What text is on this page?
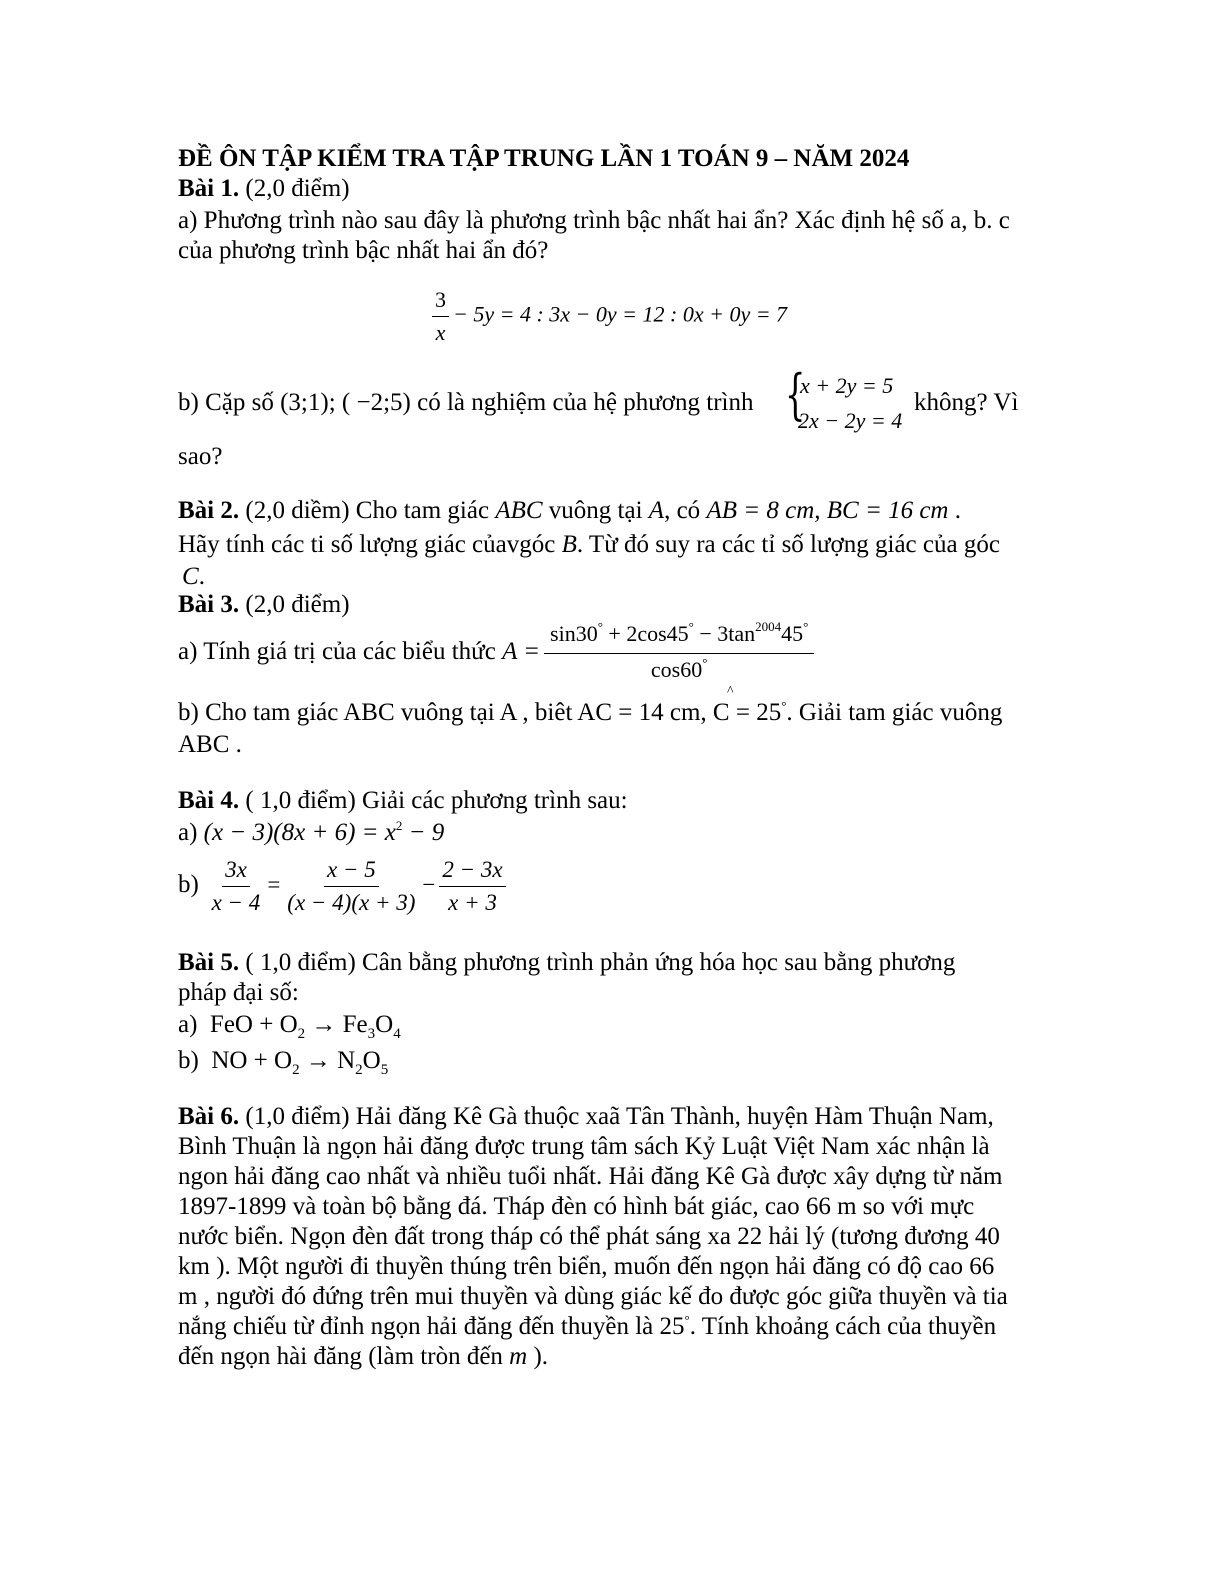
ĐỀ ÔN TẬP KIỂM TRA TẬP TRUNG LẦN 1 TOÁN 9 – NĂM 2024
Bài 1. (2,0 điểm)
a) Phương trình nào sau đây là phương trình bậc nhất hai ẩn? Xác định hệ số a, b. c
của phương trình bậc nhất hai ẩn đó?
$\frac{3}{x} - 5y = 4$ : 3x − 0y = 12 : 0x + 0y = 7
b) Cặp số (3;1); ( −2;5) có là nghiệm của hệ phương trình {
x + 2y = 5
2x − 2y = 4
không? Vì
sao?
Bài 2. (2,0 diềm) Cho tam giác ABC vuông tại A, có AB = 8 cm, BC = 16 cm .
Hãy tính các ti số lượng giác củavgóc B. Từ đó suy ra các tỉ số lượng giác của góc
C.
Bài 3. (2,0 điểm)
a) Tính giá trị của các biểu thức $A = \frac{\sin 30^\circ + 2\cos 45^\circ - 3\tan^{2004}45^\circ}{\cos 60^\circ}$
^
b) Cho tam giác ABC vuông tại A , biêt AC = 14 cm, C = 25°. Giải tam giác vuông
ABC .
Bài 4. ( 1,0 điểm) Giải các phương trình sau:
a) $(x - 3)(8x + 6) = x^2 - 9$
$b) \frac{3x}{x - 4} = \frac{x - 5}{(x - 4)(x + 3)} - \frac{2 - 3x}{x + 3}$
Bài 5. ( 1,0 điểm) Cân bằng phương trình phản ứng hóa học sau bằng phương
pháp đại số:
a)  FeO + $O_2 \to Fe_3O_4$
b)  NO + $O_2 \to N_2O_5$
Bài 6. (1,0 điểm) Hải đăng Kê Gà thuộc xaã Tân Thành, huyện Hàm Thuận Nam,
Bình Thuận là ngọn hải đăng được trung tâm sách Kỷ Luật Việt Nam xác nhận là
ngon hải đăng cao nhất và nhiều tuổi nhất. Hải đăng Kê Gà được xây dựng từ năm
1897-1899 và toàn bộ bằng đá. Tháp đèn có hình bát giác, cao 66 m so với mực
nước biển. Ngọn đèn đất trong tháp có thể phát sáng xa 22 hải lý (tương đương 40
km ). Một người đi thuyền thúng trên biển, muốn đến ngọn hải đăng có độ cao 66
m , người đó đứng trên mui thuyền và dùng giác kế đo được góc giữa thuyền và tia
nắng chiếu từ đỉnh ngọn hải đăng đến thuyền là 25°. Tính khoảng cách của thuyền
đến ngọn hài đăng (làm tròn đến m ).
